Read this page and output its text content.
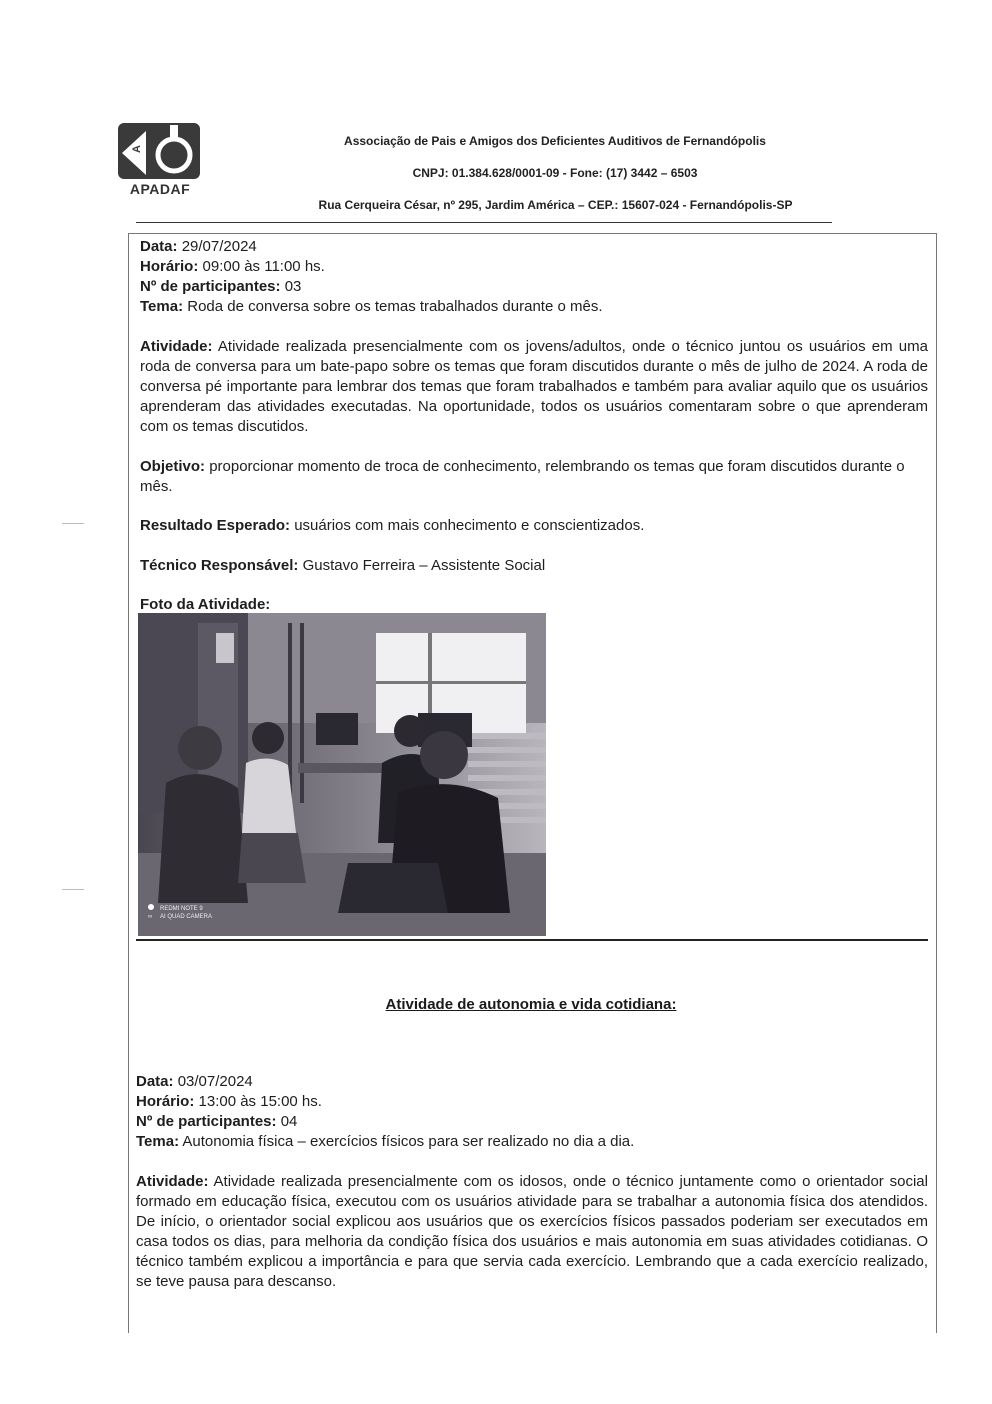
A
APADAF
Associação de Pais e Amigos dos Deficientes Auditivos de Fernandópolis
CNPJ: 01.384.628/0001-09 - Fone: (17) 3442 – 6503
Rua Cerqueira César, nº 295, Jardim América – CEP.: 15607-024 - Fernandópolis-SP
Data: 29/07/2024
Horário: 09:00 às 11:00 hs.
Nº de participantes: 03
Tema: Roda de conversa sobre os temas trabalhados durante o mês.
Atividade: Atividade realizada presencialmente com os jovens/adultos, onde o técnico juntou os usuários em uma roda de conversa para um bate-papo sobre os temas que foram discutidos durante o mês de julho de 2024. A roda de conversa pé importante para lembrar dos temas que foram trabalhados e também para avaliar aquilo que os usuários aprenderam das atividades executadas. Na oportunidade, todos os usuários comentaram sobre o que aprenderam com os temas discutidos.
Objetivo: proporcionar momento de troca de conhecimento, relembrando os temas que foram discutidos durante o mês.
Resultado Esperado: usuários com mais conhecimento e conscientizados.
Técnico Responsável: Gustavo Ferreira – Assistente Social
Foto da Atividade:
REDMI NOTE 9
∞ AI QUAD CAMERA
Atividade de autonomia e vida cotidiana:
Data: 03/07/2024
Horário: 13:00 às 15:00 hs.
Nº de participantes: 04
Tema: Autonomia física – exercícios físicos para ser realizado no dia a dia.
Atividade: Atividade realizada presencialmente com os idosos, onde o técnico juntamente como o orientador social formado em educação física, executou com os usuários atividade para se trabalhar a autonomia física dos atendidos. De início, o orientador social explicou aos usuários que os exercícios físicos passados poderiam ser executados em casa todos os dias, para melhoria da condição física dos usuários e mais autonomia em suas atividades cotidianas. O técnico também explicou a importância e para que servia cada exercício. Lembrando que a cada exercício realizado, se teve pausa para descanso.
